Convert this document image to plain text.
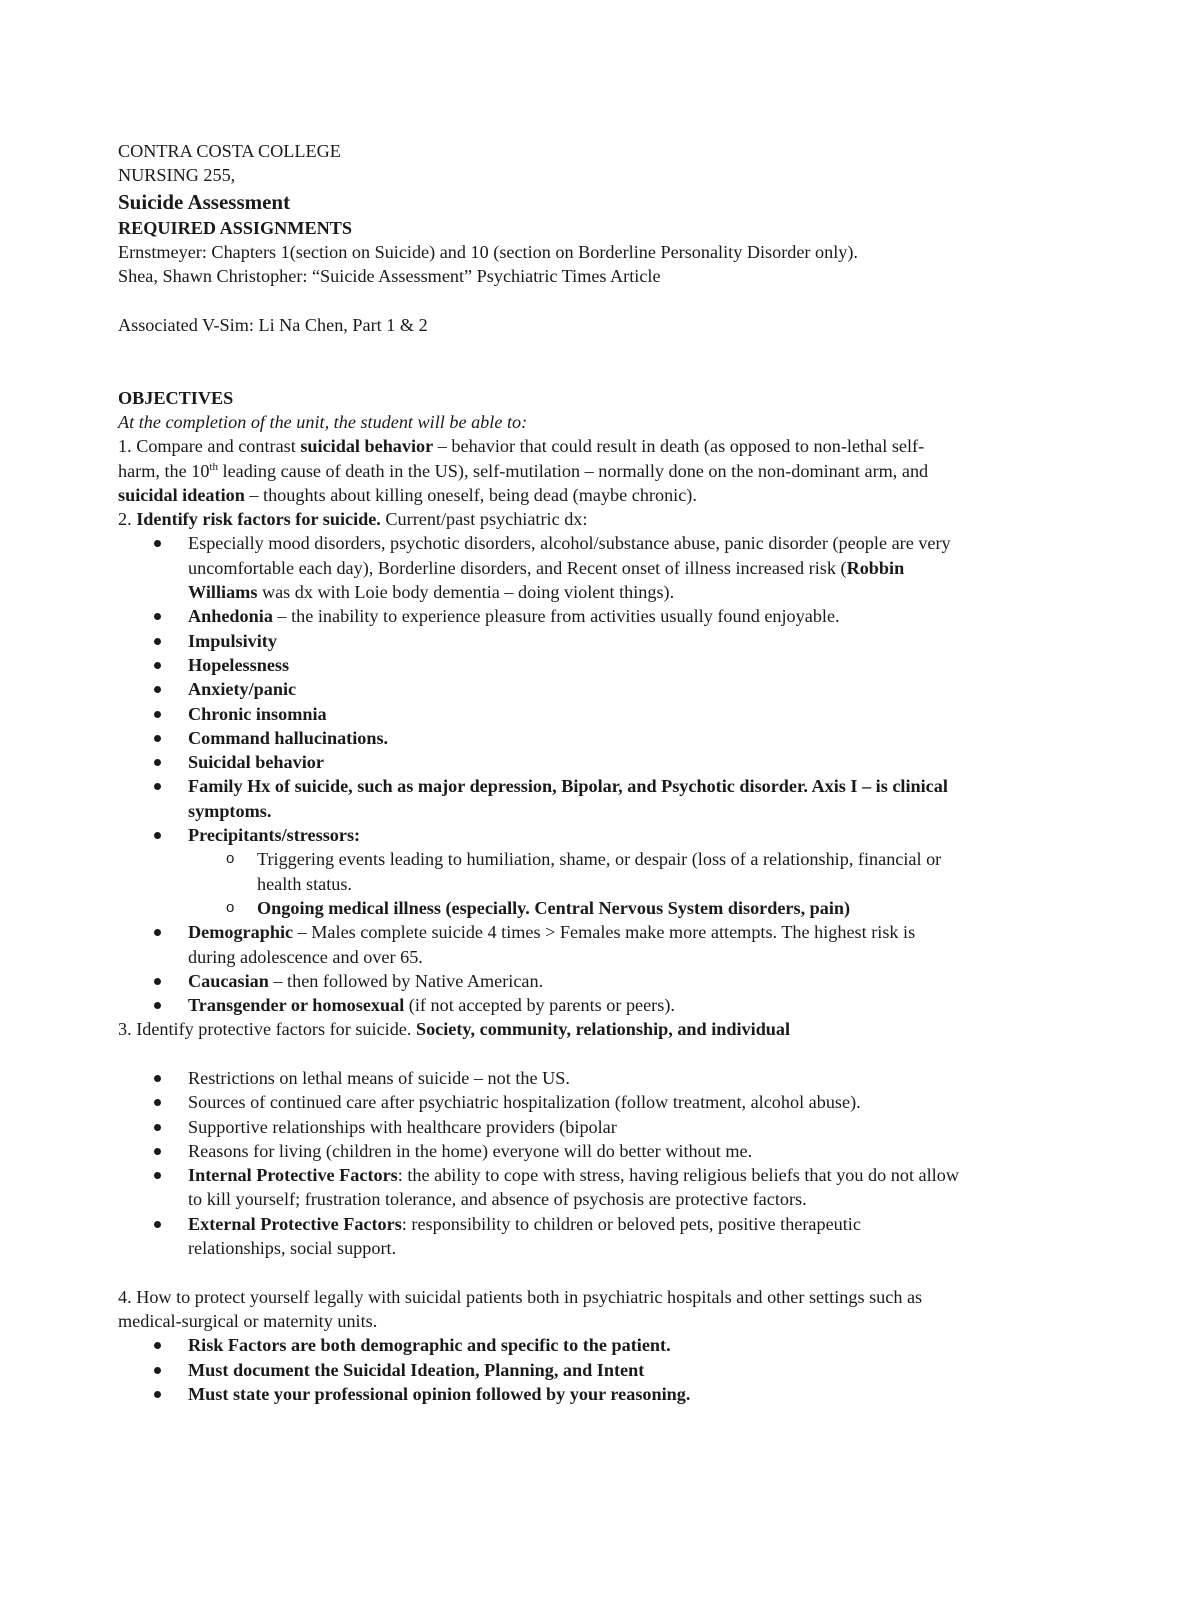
CONTRA COSTA COLLEGE
NURSING 255,
Suicide Assessment
REQUIRED ASSIGNMENTS
Ernstmeyer: Chapters 1(section on Suicide) and 10 (section on Borderline Personality Disorder only).
Shea, Shawn Christopher: “Suicide Assessment” Psychiatric Times Article
Associated V-Sim: Li Na Chen, Part 1 & 2
OBJECTIVES
At the completion of the unit, the student will be able to:
1. Compare and contrast suicidal behavior – behavior that could result in death (as opposed to non-lethal self-
harm, the 10th leading cause of death in the US), self-mutilation – normally done on the non-dominant arm, and
suicidal ideation – thoughts about killing oneself, being dead (maybe chronic).
2. Identify risk factors for suicide. Current/past psychiatric dx:
Especially mood disorders, psychotic disorders, alcohol/substance abuse, panic disorder (people are very
uncomfortable each day), Borderline disorders, and Recent onset of illness increased risk (Robbin
Williams was dx with Loie body dementia – doing violent things).
Anhedonia – the inability to experience pleasure from activities usually found enjoyable.
Impulsivity
Hopelessness
Anxiety/panic
Chronic insomnia
Command hallucinations.
Suicidal behavior
Family Hx of suicide, such as major depression, Bipolar, and Psychotic disorder. Axis I – is clinical
symptoms.
Precipitants/stressors:
o Triggering events leading to humiliation, shame, or despair (loss of a relationship, financial or
health status.
o Ongoing medical illness (especially. Central Nervous System disorders, pain)
Demographic – Males complete suicide 4 times > Females make more attempts. The highest risk is
during adolescence and over 65.
Caucasian – then followed by Native American.
Transgender or homosexual (if not accepted by parents or peers).
3. Identify protective factors for suicide. Society, community, relationship, and individual
Restrictions on lethal means of suicide – not the US.
Sources of continued care after psychiatric hospitalization (follow treatment, alcohol abuse).
Supportive relationships with healthcare providers (bipolar
Reasons for living (children in the home) everyone will do better without me.
Internal Protective Factors: the ability to cope with stress, having religious beliefs that you do not allow
to kill yourself; frustration tolerance, and absence of psychosis are protective factors.
External Protective Factors: responsibility to children or beloved pets, positive therapeutic
relationships, social support.
4. How to protect yourself legally with suicidal patients both in psychiatric hospitals and other settings such as
medical-surgical or maternity units.
Risk Factors are both demographic and specific to the patient.
Must document the Suicidal Ideation, Planning, and Intent
Must state your professional opinion followed by your reasoning.
